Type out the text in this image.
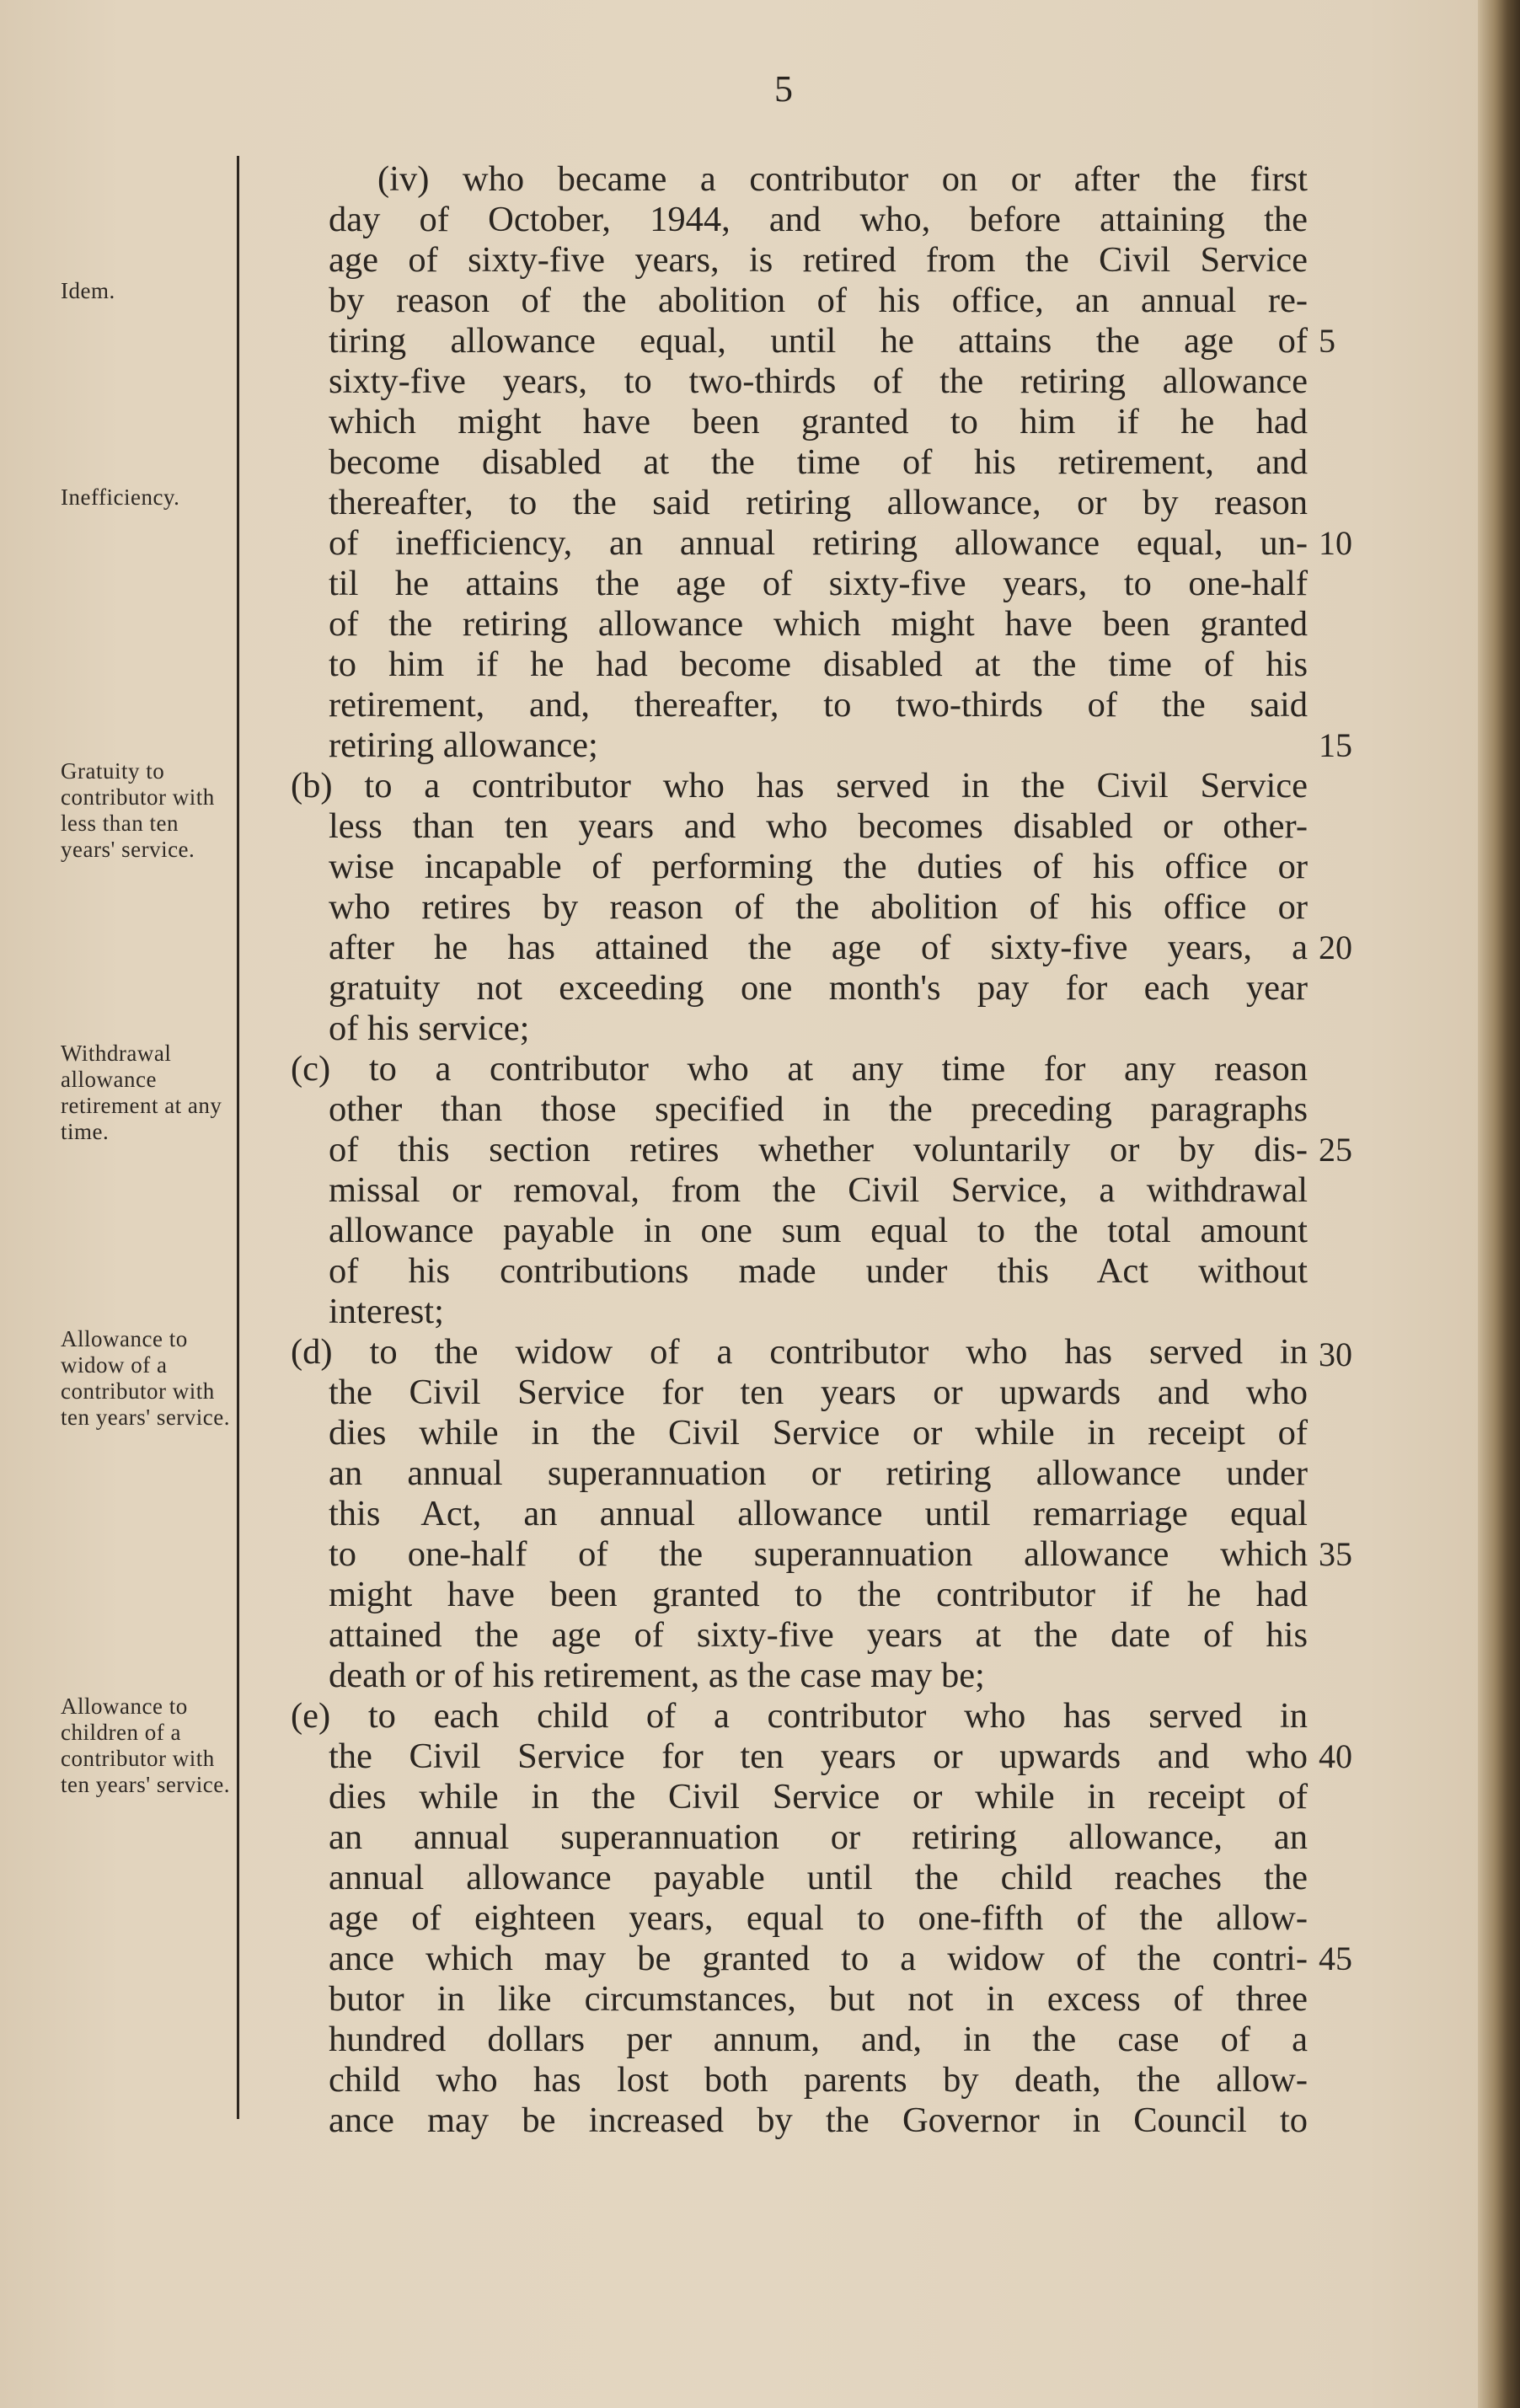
5
Idem.
Inefficiency.
Gratuity to contributor with less than ten years' service.
Withdrawal allowance retirement at any time.
Allowance to widow of a contributor with ten years' service.
Allowance to children of a contributor with ten years' service.
(iv) who became a contributor on or after the first
day of October, 1944, and who, before attaining the
age of sixty-five years, is retired from the Civil Service
by reason of the abolition of his office, an annual re-
tiring allowance equal, until he attains the age of
sixty-five years, to two-thirds of the retiring allowance
which might have been granted to him if he had
become disabled at the time of his retirement, and
thereafter, to the said retiring allowance, or by reason
of inefficiency, an annual retiring allowance equal, un-
til he attains the age of sixty-five years, to one-half
of the retiring allowance which might have been granted
to him if he had become disabled at the time of his
retirement, and, thereafter, to two-thirds of the said
retiring allowance;
(b) to a contributor who has served in the Civil Service
less than ten years and who becomes disabled or other-
wise incapable of performing the duties of his office or
who retires by reason of the abolition of his office or
after he has attained the age of sixty-five years, a
gratuity not exceeding one month's pay for each year
of his service;
(c) to a contributor who at any time for any reason
other than those specified in the preceding paragraphs
of this section retires whether voluntarily or by dis-
missal or removal, from the Civil Service, a withdrawal
allowance payable in one sum equal to the total amount
of his contributions made under this Act without
interest;
(d) to the widow of a contributor who has served in
the Civil Service for ten years or upwards and who
dies while in the Civil Service or while in receipt of
an annual superannuation or retiring allowance under
this Act, an annual allowance until remarriage equal
to one-half of the superannuation allowance which
might have been granted to the contributor if he had
attained the age of sixty-five years at the date of his
death or of his retirement, as the case may be;
(e) to each child of a contributor who has served in
the Civil Service for ten years or upwards and who
dies while in the Civil Service or while in receipt of
an annual superannuation or retiring allowance, an
annual allowance payable until the child reaches the
age of eighteen years, equal to one-fifth of the allow-
ance which may be granted to a widow of the contri-
butor in like circumstances, but not in excess of three
hundred dollars per annum, and, in the case of a
child who has lost both parents by death, the allow-
ance may be increased by the Governor in Council to
5
10
15
20
25
30
35
40
45
